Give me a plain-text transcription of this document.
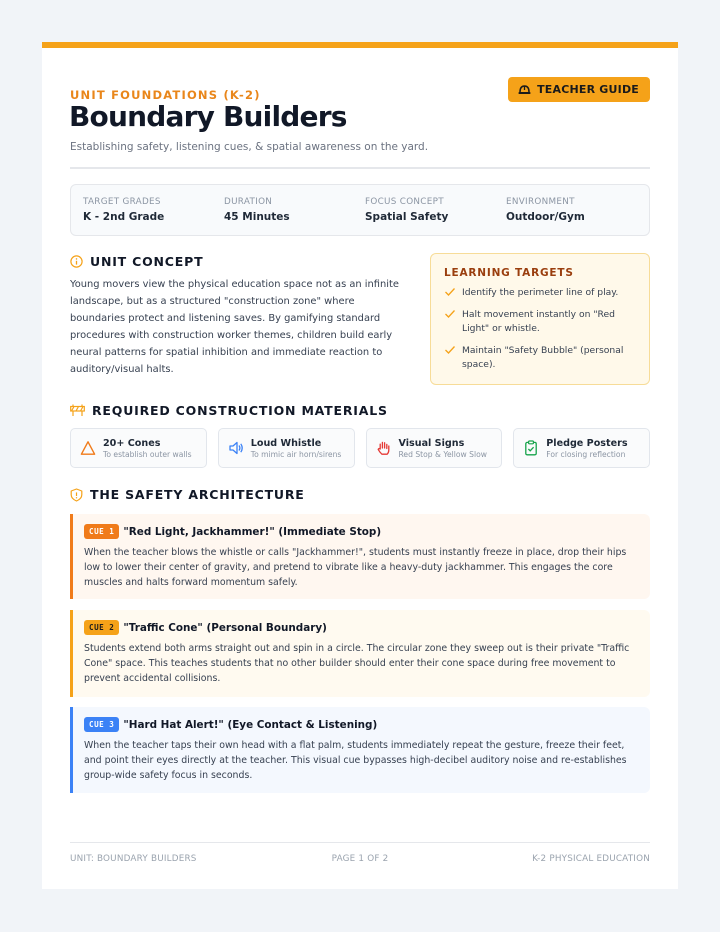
UNIT FOUNDATIONS (K-2)	TEACHER GUIDE
Boundary Builders
Establishing safety, listening cues, & spatial awareness on the yard.
TARGET GRADES
K - 2nd Grade
DURATION
45 Minutes
FOCUS CONCEPT
Spatial Safety
ENVIRONMENT
Outdoor/Gym
UNIT CONCEPT
Young movers view the physical education space not as an infinite landscape, but as a structured "construction zone" where boundaries protect and listening saves. By gamifying standard procedures with construction worker themes, children build early neural patterns for spatial inhibition and immediate reaction to auditory/visual halts.
LEARNING TARGETS
Identify the perimeter line of play.
Halt movement instantly on "Red Light" or whistle.
Maintain "Safety Bubble" (personal space).
REQUIRED CONSTRUCTION MATERIALS
20+ Cones
To establish outer walls
Loud Whistle
To mimic air horn/sirens
Visual Signs
Red Stop & Yellow Slow
Pledge Posters
For closing reflection
THE SAFETY ARCHITECTURE
CUE 1 "Red Light, Jackhammer!" (Immediate Stop)
When the teacher blows the whistle or calls "Jackhammer!", students must instantly freeze in place, drop their hips low to lower their center of gravity, and pretend to vibrate like a heavy-duty jackhammer. This engages the core muscles and halts forward momentum safely.
CUE 2 "Traffic Cone" (Personal Boundary)
Students extend both arms straight out and spin in a circle. The circular zone they sweep out is their private "Traffic Cone" space. This teaches students that no other builder should enter their cone space during free movement to prevent accidental collisions.
CUE 3 "Hard Hat Alert!" (Eye Contact & Listening)
When the teacher taps their own head with a flat palm, students immediately repeat the gesture, freeze their feet, and point their eyes directly at the teacher. This visual cue bypasses high-decibel auditory noise and re-establishes group-wide safety focus in seconds.
UNIT: BOUNDARY BUILDERS	PAGE 1 OF 2	K-2 PHYSICAL EDUCATION
